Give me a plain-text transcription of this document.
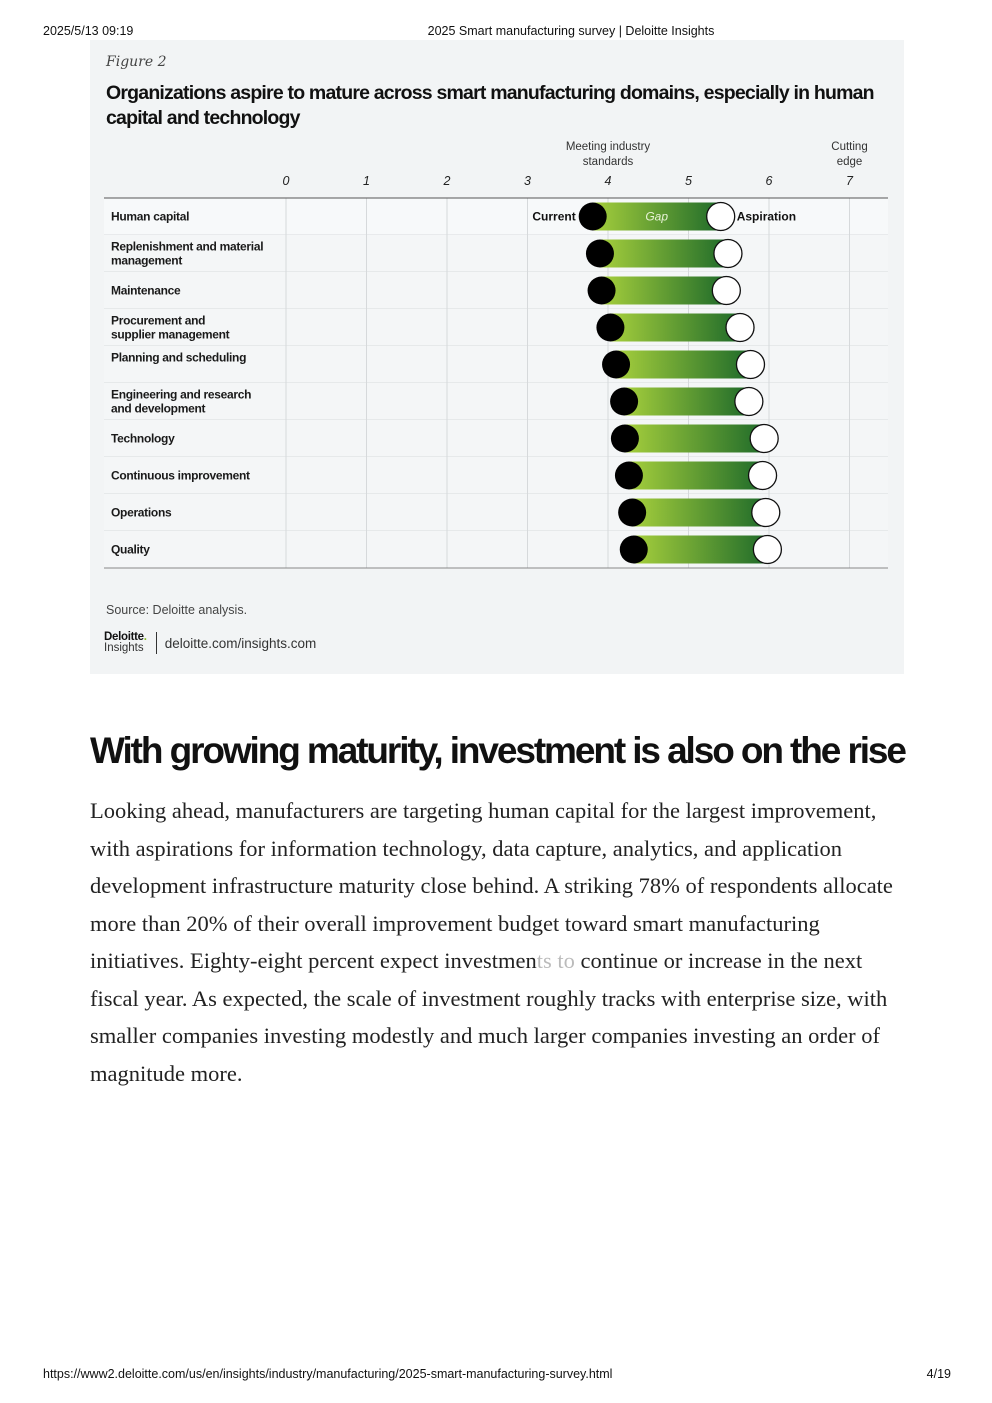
2025/5/13 09:19	2025 Smart manufacturing survey | Deloitte Insights
Figure 2
Organizations aspire to mature across smart manufacturing domains, especially in human capital and technology
0	1	2	3	4	5	6	7
Meeting industry standards
Cutting edge
Human capital	Current	Gap	Aspiration
Replenishment and material management
Maintenance
Procurement and supplier management
Planning and scheduling
Engineering and research and development
Technology
Continuous improvement
Operations
Quality
Source: Deloitte analysis.
Deloitte.
Insights deloitte.com/insights.com
With growing maturity, investment is also on the rise
Looking ahead, manufacturers are targeting human capital for the largest improvement, with aspirations for information technology, data capture, analytics, and application development infrastructure maturity close behind. A striking 78% of respondents allocate more than 20% of their overall improvement budget toward smart manufacturing initiatives. Eighty-eight percent expect investments to continue or increase in the next fiscal year. As expected, the scale of investment roughly tracks with enterprise size, with smaller companies investing modestly and much larger companies investing an order of magnitude more.
https://www2.deloitte.com/us/en/insights/industry/manufacturing/2025-smart-manufacturing-survey.html	4/19
